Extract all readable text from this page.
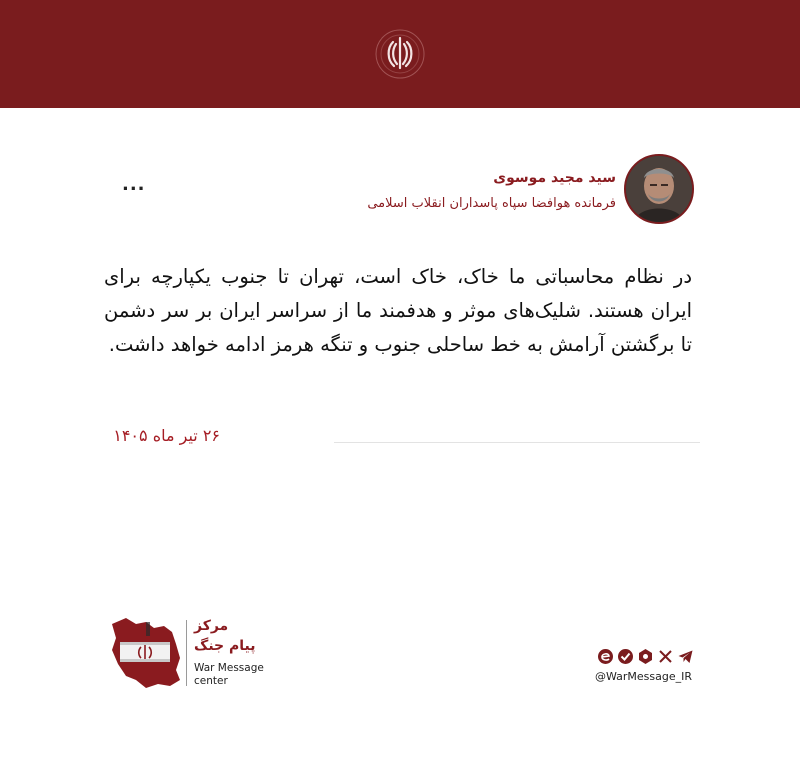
سید مجید موسوی
فرمانده هوافضا سپاه پاسداران انقلاب اسلامی
...
در نظام محاسباتی ما خاک، خاک است، تهران تا جنوب یکپارچه برای ایران هستند. شلیک‌های موثر و هدفمند ما از سراسر ایران بر سر دشمن تا برگشتن آرامش به خط ساحلی جنوب و تنگه هرمز ادامه خواهد داشت.
۲۶ تیر ماه ۱۴۰۵
مرکز
پیام جنگ
War Message
center	@WarMessage_IR
